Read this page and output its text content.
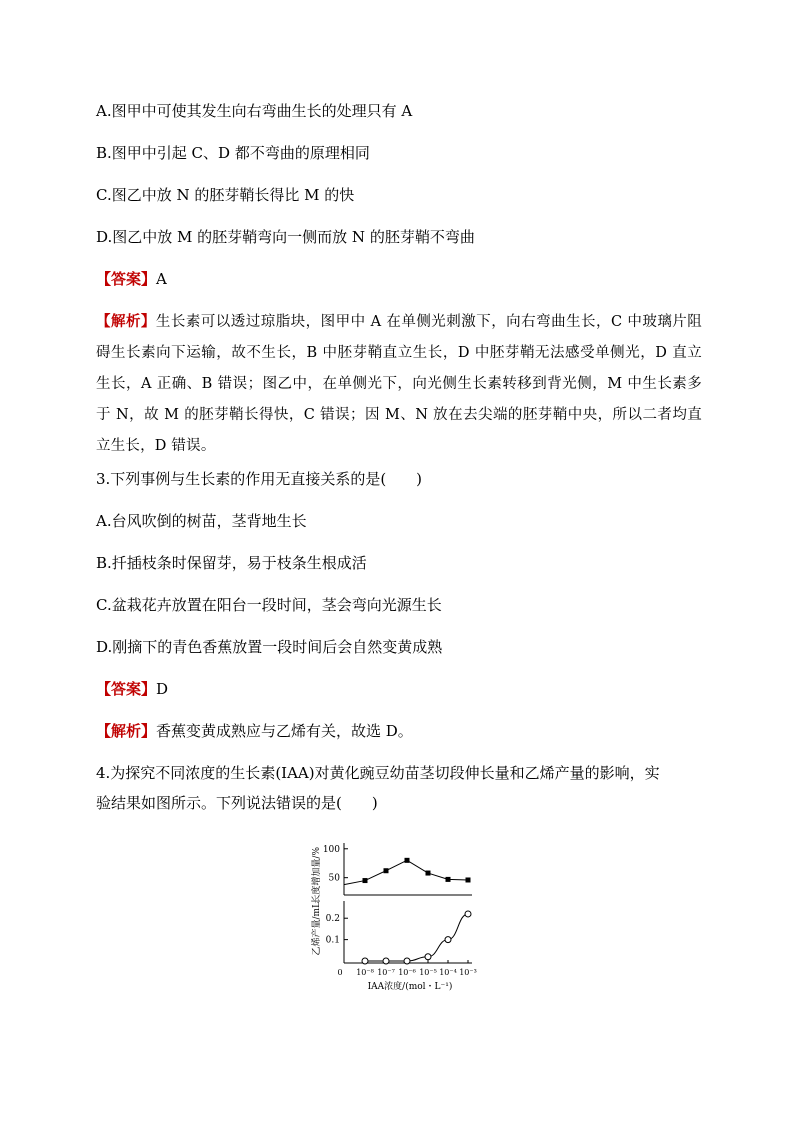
A.图甲中可使其发生向右弯曲生长的处理只有 A
B.图甲中引起 C、D 都不弯曲的原理相同
C.图乙中放 N 的胚芽鞘长得比 M 的快
D.图乙中放 M 的胚芽鞘弯向一侧而放 N 的胚芽鞘不弯曲
【答案】A
【解析】生长素可以透过琼脂块，图甲中 A 在单侧光刺激下，向右弯曲生长，C 中玻璃片阻碍生长素向下运输，故不生长，B 中胚芽鞘直立生长，D 中胚芽鞘无法感受单侧光，D 直立生长，A 正确、B 错误；图乙中，在单侧光下，向光侧生长素转移到背光侧，M 中生长素多于 N，故 M 的胚芽鞘长得快，C 错误；因 M、N 放在去尖端的胚芽鞘中央，所以二者均直立生长，D 错误。
3.下列事例与生长素的作用无直接关系的是(　　)
A.台风吹倒的树苗，茎背地生长
B.扦插枝条时保留芽，易于枝条生根成活
C.盆栽花卉放置在阳台一段时间，茎会弯向光源生长
D.刚摘下的青色香蕉放置一段时间后会自然变黄成熟
【答案】D
【解析】香蕉变黄成熟应与乙烯有关，故选 D。
4.为探究不同浓度的生长素(IAA)对黄化豌豆幼苗茎切段伸长量和乙烯产量的影响，实
验结果如图所示。下列说法错误的是(　　)
长度增加量/% 100
50
乙烯产量/mL
IAA浓度/(mol・L⁻¹)
0.2
0.1
0 10⁻⁸ 10⁻⁷ 10⁻⁶ 10⁻⁵ 10⁻⁴ 10⁻³
